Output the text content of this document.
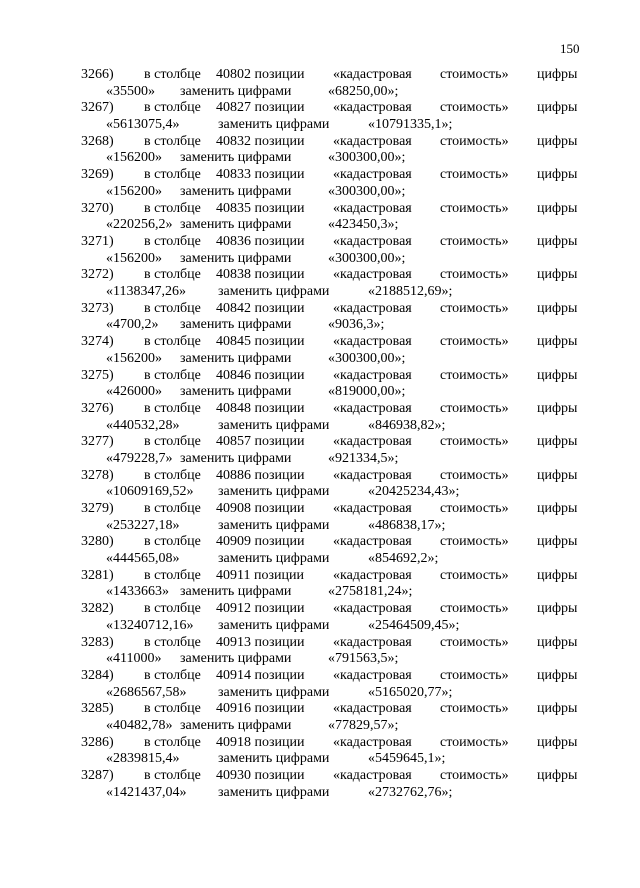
150
3266) в столбце 40802 позиции «кадастровая стоимость» цифры
«35500» заменить цифрами	«68250,00»;
3267) в столбце 40827 позиции «кадастровая стоимость» цифры
«5613075,4»	заменить цифрами	«10791335,1»;
3268) в столбце 40832 позиции «кадастровая стоимость» цифры
«156200» заменить цифрами	«300300,00»;
3269) в столбце 40833 позиции «кадастровая стоимость» цифры
«156200» заменить цифрами	«300300,00»;
3270) в столбце 40835 позиции «кадастровая стоимость» цифры
«220256,2» заменить цифрами	«423450,3»;
3271) в столбце 40836 позиции «кадастровая стоимость» цифры
«156200» заменить цифрами	«300300,00»;
3272) в столбце 40838 позиции «кадастровая стоимость» цифры
«1138347,26» заменить цифрами	«2188512,69»;
3273) в столбце 40842 позиции «кадастровая стоимость» цифры
«4700,2» заменить цифрами	«9036,3»;
3274) в столбце 40845 позиции «кадастровая стоимость» цифры
«156200» заменить цифрами	«300300,00»;
3275) в столбце 40846 позиции «кадастровая стоимость» цифры
«426000» заменить цифрами	«819000,00»;
3276) в столбце 40848 позиции «кадастровая стоимость» цифры
«440532,28»	заменить цифрами	«846938,82»;
3277) в столбце 40857 позиции «кадастровая стоимость» цифры
«479228,7» заменить цифрами	«921334,5»;
3278) в столбце 40886 позиции «кадастровая стоимость» цифры
«10609169,52» заменить цифрами	«20425234,43»;
3279) в столбце 40908 позиции «кадастровая стоимость» цифры
«253227,18»	заменить цифрами	«486838,17»;
3280) в столбце 40909 позиции «кадастровая стоимость» цифры
«444565,08»	заменить цифрами	«854692,2»;
3281) в столбце 40911 позиции «кадастровая стоимость» цифры
«1433663» заменить цифрами	«2758181,24»;
3282) в столбце 40912 позиции «кадастровая стоимость» цифры
«13240712,16» заменить цифрами	«25464509,45»;
3283) в столбце 40913 позиции «кадастровая стоимость» цифры
«411000» заменить цифрами	«791563,5»;
3284) в столбце 40914 позиции «кадастровая стоимость» цифры
«2686567,58» заменить цифрами	«5165020,77»;
3285) в столбце 40916 позиции «кадастровая стоимость» цифры
«40482,78» заменить цифрами	«77829,57»;
3286) в столбце 40918 позиции «кадастровая стоимость» цифры
«2839815,4»	заменить цифрами	«5459645,1»;
3287) в столбце 40930 позиции «кадастровая стоимость» цифры
«1421437,04» заменить цифрами	«2732762,76»;
